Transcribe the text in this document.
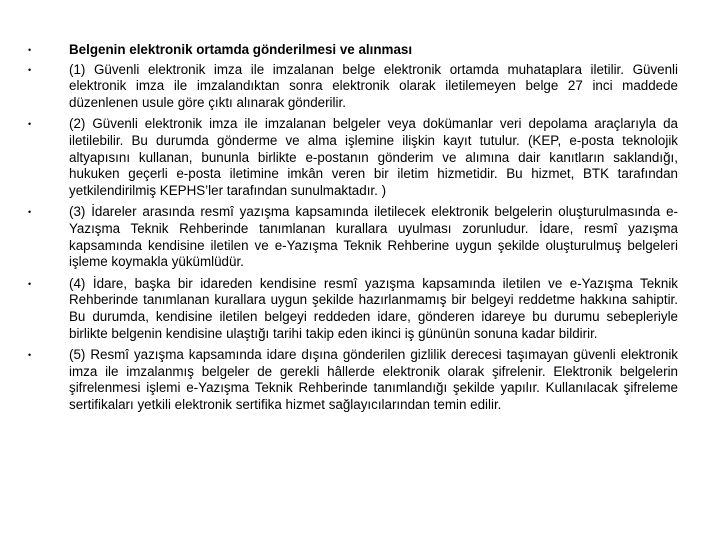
•	Belgenin elektronik ortamda gönderilmesi ve alınması
•	(1) Güvenli elektronik imza ile imzalanan belge elektronik ortamda muhataplara iletilir. Güvenli elektronik imza ile imzalandıktan sonra elektronik olarak iletilemeyen belge 27 inci maddede düzenlenen usule göre çıktı alınarak gönderilir.
•	(2) Güvenli elektronik imza ile imzalanan belgeler veya dokümanlar veri depolama araçlarıyla da iletilebilir. Bu durumda gönderme ve alma işlemine ilişkin kayıt tutulur. (KEP, e-posta teknolojik altyapısını kullanan, bununla birlikte e-postanın gönderim ve alımına dair kanıtların saklandığı, hukuken geçerli e-posta iletimine imkân veren bir iletim hizmetidir. Bu hizmet, BTK tarafından yetkilendirilmiş KEPHS’ler tarafından sunulmaktadır. )
•	(3) İdareler arasında resmî yazışma kapsamında iletilecek elektronik belgelerin oluşturulmasında e-Yazışma Teknik Rehberinde tanımlanan kurallara uyulması zorunludur. İdare, resmî yazışma kapsamında kendisine iletilen ve e-Yazışma Teknik Rehberine uygun şekilde oluşturulmuş belgeleri işleme koymakla yükümlüdür.
•	(4) İdare, başka bir idareden kendisine resmî yazışma kapsamında iletilen ve e-Yazışma Teknik Rehberinde tanımlanan kurallara uygun şekilde hazırlanmamış bir belgeyi reddetme hakkına sahiptir. Bu durumda, kendisine iletilen belgeyi reddeden idare, gönderen idareye bu durumu sebepleriyle birlikte belgenin kendisine ulaştığı tarihi takip eden ikinci iş gününün sonuna kadar bildirir.
•	(5) Resmî yazışma kapsamında idare dışına gönderilen gizlilik derecesi taşımayan güvenli elektronik imza ile imzalanmış belgeler de gerekli hâllerde elektronik olarak şifrelenir. Elektronik belgelerin şifrelenmesi işlemi e-Yazışma Teknik Rehberinde tanımlandığı şekilde yapılır. Kullanılacak şifreleme sertifikaları yetkili elektronik sertifika hizmet sağlayıcılarından temin edilir.
